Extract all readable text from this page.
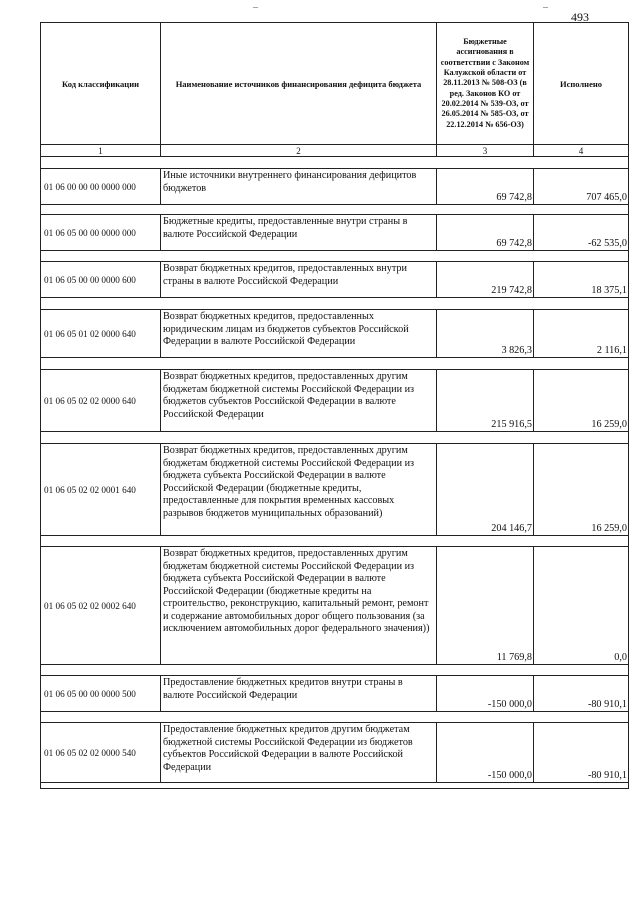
493
–	–
Код классификации	Наименование источников финансирования дефицита бюджета	Бюджетные ассигнования в соответствии с Законом Калужской области от 28.11.2013 № 508-ОЗ (в ред. Законов КО от 20.02.2014 № 539-ОЗ, от 26.05.2014 № 585-ОЗ, от 22.12.2014 № 656-ОЗ)	Исполнено
1	2	3	4

01 06 00 00 00 0000 000	Иные источники внутреннего финансирования дефицитов бюджетов	69 742,8	707 465,0

01 06 05 00 00 0000 000	Бюджетные кредиты, предоставленные внутри страны в валюте Российской Федерации	69 742,8	-62 535,0

01 06 05 00 00 0000 600	Возврат бюджетных кредитов, предоставленных внутри страны в валюте Российской Федерации	219 742,8	18 375,1

01 06 05 01 02 0000 640	Возврат бюджетных кредитов, предоставленных юридическим лицам из бюджетов субъектов Российской Федерации в валюте Российской Федерации	3 826,3	2 116,1

01 06 05 02 02 0000 640	Возврат бюджетных кредитов, предоставленных другим бюджетам бюджетной системы Российской Федерации из бюджетов субъектов Российской Федерации в валюте Российской Федерации	215 916,5	16 259,0

01 06 05 02 02 0001 640	Возврат бюджетных кредитов, предоставленных другим бюджетам бюджетной системы Российской Федерации из бюджета субъекта Российской Федерации в валюте Российской Федерации (бюджетные кредиты, предоставленные для покрытия временных кассовых разрывов бюджетов муниципальных образований)	204 146,7	16 259,0

01 06 05 02 02 0002 640	Возврат бюджетных кредитов, предоставленных другим бюджетам бюджетной системы Российской Федерации из бюджета субъекта Российской Федерации в валюте Российской Федерации (бюджетные кредиты на строительство, реконструкцию, капитальный ремонт, ремонт и содержание автомобильных дорог общего пользования (за исключением автомобильных дорог федерального значения))	11 769,8	0,0

01 06 05 00 00 0000 500	Предоставление бюджетных кредитов внутри страны в валюте Российской Федерации	-150 000,0	-80 910,1

01 06 05 02 02 0000 540	Предоставление бюджетных кредитов другим бюджетам бюджетной системы Российской Федерации из бюджетов субъектов Российской Федерации в валюте Российской Федерации	-150 000,0	-80 910,1
